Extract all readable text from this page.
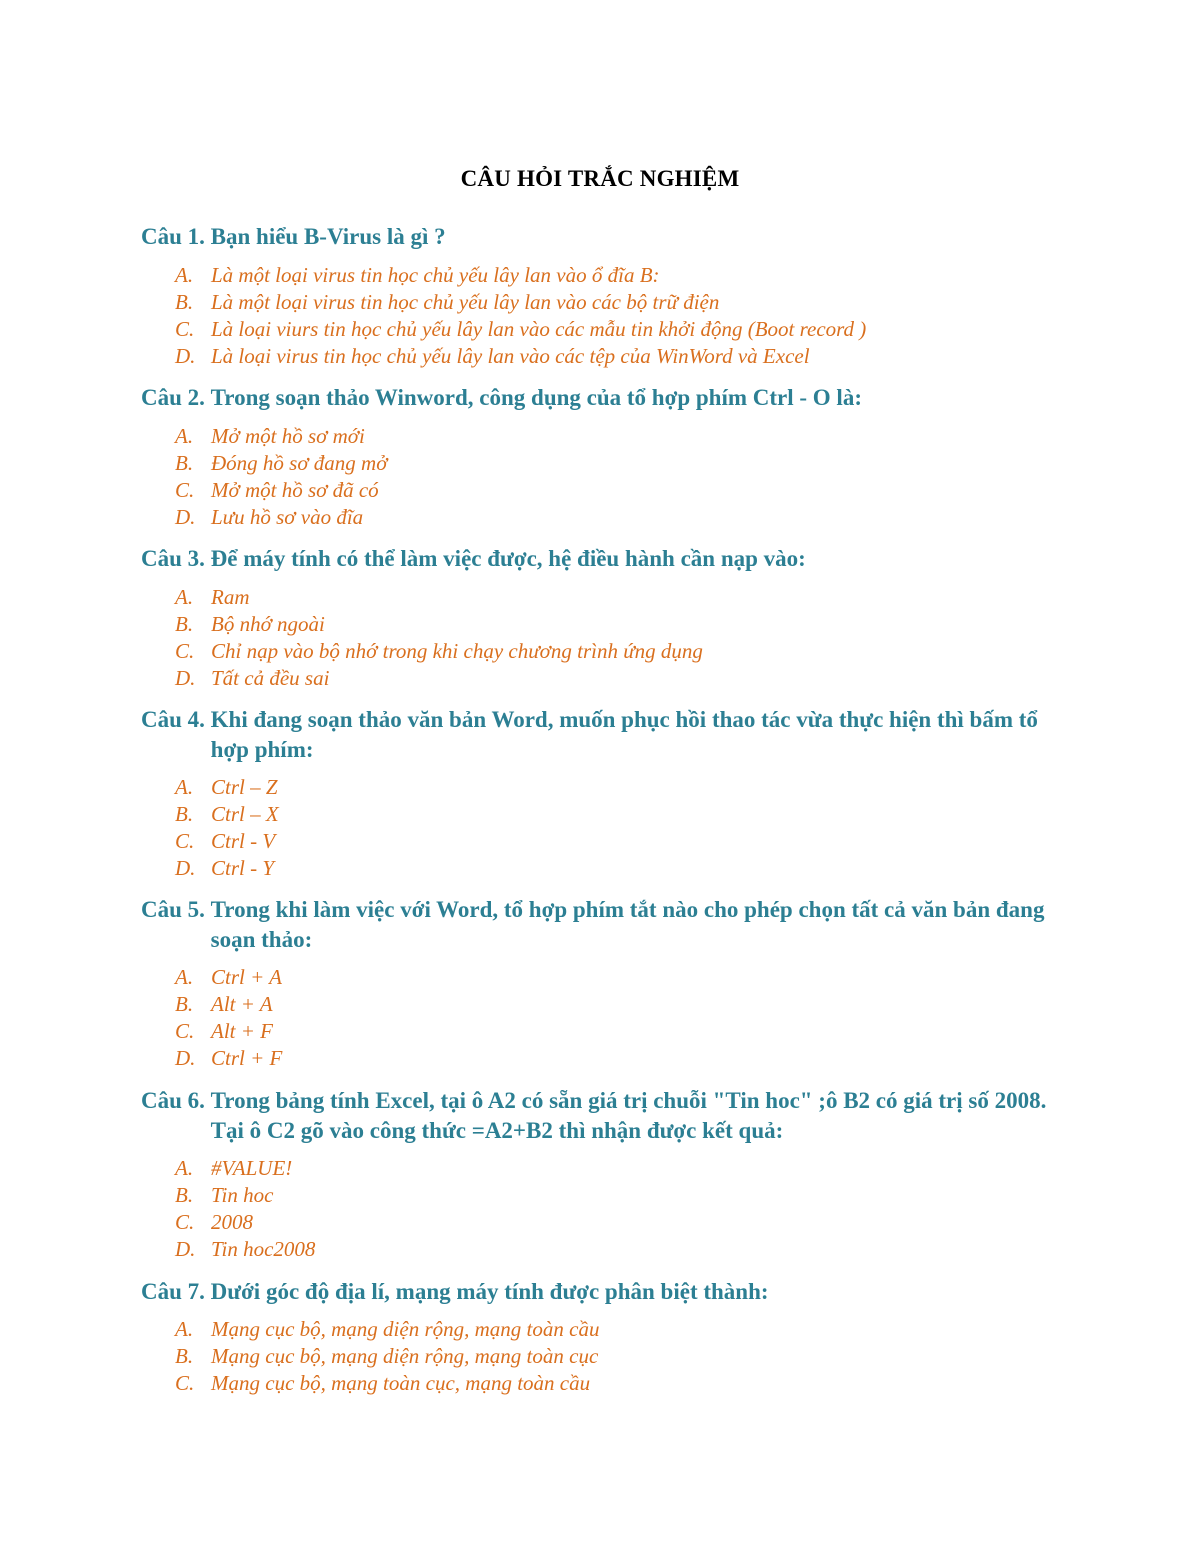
CÂU HỎI TRẮC NGHIỆM
Câu 1.
Bạn hiểu B-Virus là gì ?
A. Là một loại virus tin học chủ yếu lây lan vào ổ đĩa B:
B. Là một loại virus tin học chủ yếu lây lan vào các bộ trữ điện
C. Là loại viurs tin học chủ yếu lây lan vào các mẫu tin khởi động (Boot record )
D. Là loại virus tin học chủ yếu lây lan vào các tệp của WinWord và Excel
Câu 2.
Trong soạn thảo Winword, công dụng của tổ hợp phím Ctrl - O là:
A. Mở một hồ sơ mới
B. Đóng hồ sơ đang mở
C. Mở một hồ sơ đã có
D. Lưu hồ sơ vào đĩa
Câu 3.
Để máy tính có thể làm việc được, hệ điều hành cần nạp vào:
A. Ram
B. Bộ nhớ ngoài
C. Chỉ nạp vào bộ nhớ trong khi chạy chương trình ứng dụng
D. Tất cả đều sai
Câu 4.
Khi đang soạn thảo văn bản Word, muốn phục hồi thao tác vừa thực hiện thì bấm tổ hợp phím:
A. Ctrl – Z
B. Ctrl – X
C. Ctrl - V
D. Ctrl - Y
Câu 5.
Trong khi làm việc với Word, tổ hợp phím tắt nào cho phép chọn tất cả văn bản đang soạn thảo:
A. Ctrl + A
B. Alt + A
C. Alt + F
D. Ctrl + F
Câu 6.
Trong bảng tính Excel, tại ô A2 có sẵn giá trị chuỗi "Tin hoc" ;ô B2 có giá trị số 2008. Tại ô C2 gõ vào công thức =A2+B2 thì nhận được kết quả:
A. #VALUE!
B. Tin hoc
C. 2008
D. Tin hoc2008
Câu 7.
Dưới góc độ địa lí, mạng máy tính được phân biệt thành:
A. Mạng cục bộ, mạng diện rộng, mạng toàn cầu
B. Mạng cục bộ, mạng diện rộng, mạng toàn cục
C. Mạng cục bộ, mạng toàn cục, mạng toàn cầu
